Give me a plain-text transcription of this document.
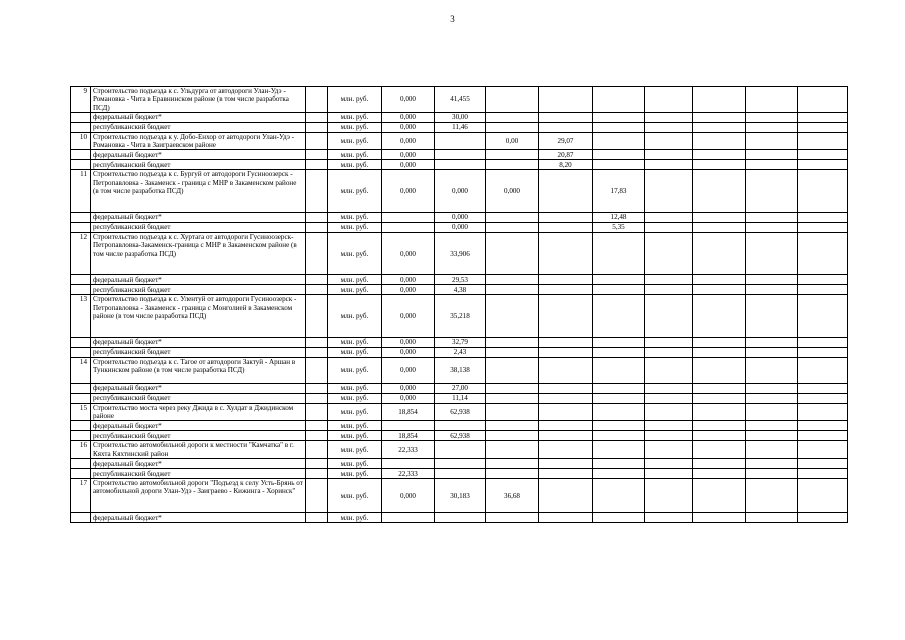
3
9	Строительство подъезда к с. Ульдурга от автодороги Улан-Удэ - Романовка - Чита в Еравнинском районе (в том числе разработка ПСД)		млн. руб.	0,000	41,455							
	федеральный бюджет*		млн. руб.	0,000	30,00							
	республиканский бюджет		млн. руб.	0,000	11,46							
10	Строительство подъезда к у. Добо-Енхор от автодороги Улан-Удэ - Романовка - Чита в Заиграевском районе		млн. руб.	0,000		0,00	29,07					
	федеральный бюджет*		млн. руб.	0,000			20,87					
	республиканский бюджет		млн. руб.	0,000			8,20					
11	Строительство подъезда к с. Бургуй от автодороги Гусиноозерск - Петропавловка - Закаменск - граница с МНР в Закаменском районе (в том числе разработка ПСД)		млн. руб.	0,000	0,000	0,000		17,83				
	федеральный бюджет*		млн. руб.		0,000			12,48				
	республиканский бюджет		млн. руб.		0,000			5,35				
12	Строительство подъезда к с. Хуртага от автодороги Гусиноозерск-Петропавловка-Закаменск-граница с МНР в Закаменском районе (в том числе разработка ПСД)		млн. руб.	0,000	33,906							
	федеральный бюджет*		млн. руб.	0,000	29,53							
	республиканский бюджет		млн. руб.	0,000	4,38							
13	Строительство подъезда к с. Улентуй от автодороги Гусиноозерск - Петропавловка - Закаменск - граница с Монголией в Закаменском районе (в том числе разработка ПСД)		млн. руб.	0,000	35,218							
	федеральный бюджет*		млн. руб.	0,000	32,79							
	республиканский бюджет		млн. руб.	0,000	2,43							
14	Строительство подъезда к с. Тагое от автодороги Зактуй - Аршан в Тункинском районе (в том числе разработка ПСД)		млн. руб.	0,000	38,138							
	федеральный бюджет*		млн. руб.	0,000	27,00							
	республиканский бюджет		млн. руб.	0,000	11,14							
15	Строительство моста через реку Джида в с. Хулдат в Джидинском районе		млн. руб.	18,854	62,938							
	федеральный бюджет*		млн. руб.									
	республиканский бюджет		млн. руб.	18,854	62,938							
16	Строительство автомобильной дороги к местности "Камчатка" в г. Кяхта Кяхтинский район		млн. руб.	22,333								
	федеральный бюджет*		млн. руб.									
	республиканский бюджет		млн. руб.	22,333								
17	Строительство автомобильной дороги "Подъезд к селу Усть-Брянь от автомобильной дороги Улан-Удэ - Заиграево - Кижинга - Хоринск"		млн. руб.	0,000	30,183	36,68						
	федеральный бюджет*		млн. руб.									
